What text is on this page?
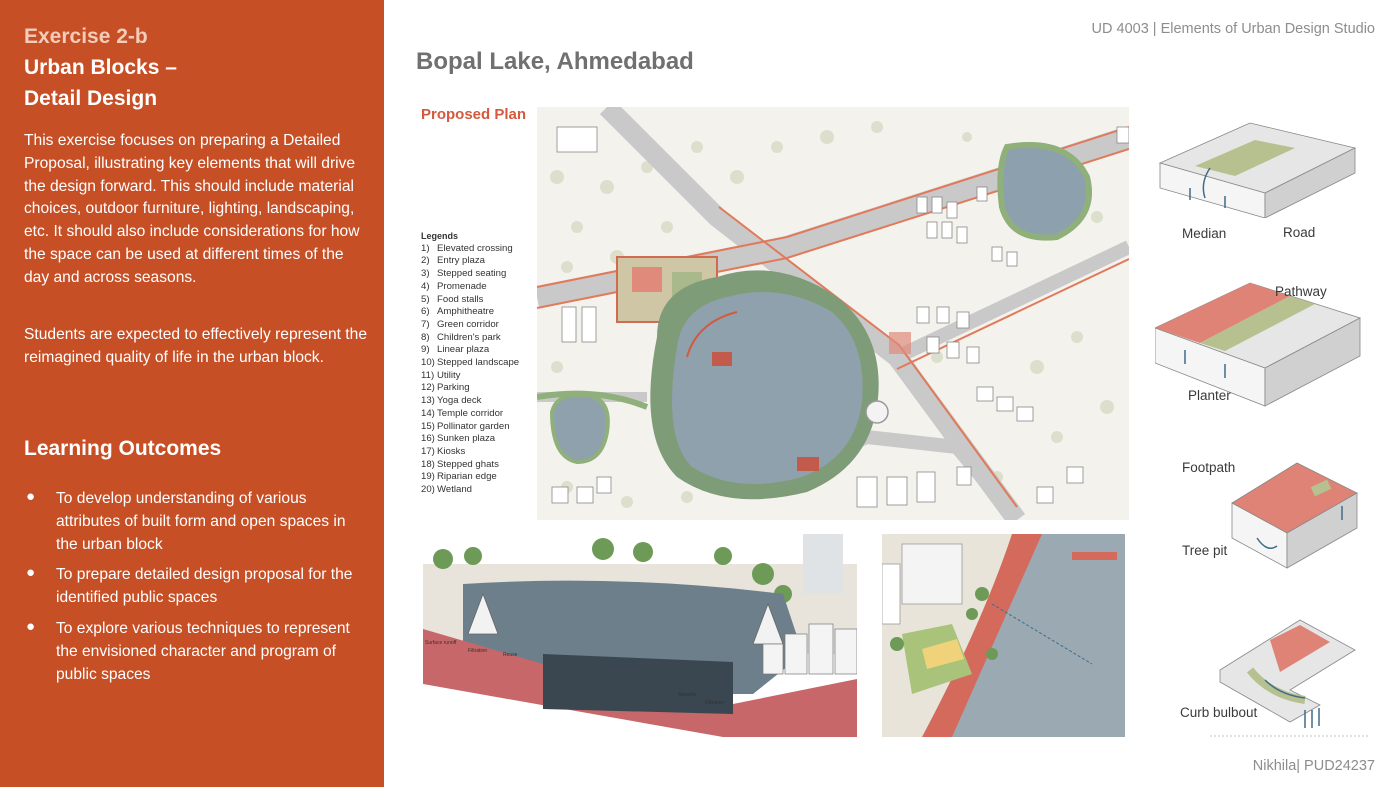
Exercise 2-b
Urban Blocks –
Detail Design

This exercise focuses on preparing a Detailed Proposal, illustrating key elements that will drive the design forward. This should include material choices, outdoor furniture, lighting, landscaping, etc. It should also include considerations for how the space can be used at different times of the day and across seasons.

Students are expected to effectively represent the reimagined quality of life in the urban block.

Learning Outcomes
● To develop understanding of various attributes of built form and open spaces in the urban block
● To prepare detailed design proposal for the identified public spaces
● To explore various techniques to represent the envisioned character and program of public spaces
UD 4003 | Elements of Urban Design Studio
Bopal Lake, Ahmedabad
Proposed Plan
Legends
1) Elevated crossing
2) Entry plaza
3) Stepped seating
4) Promenade
5) Food stalls
6) Amphitheatre
7) Green corridor
8) Children's park
9) Linear plaza
10) Stepped landscape
11) Utility
12) Parking
13) Yoga deck
14) Temple corridor
15) Pollinator garden
16) Sunken plaza
17) Kiosks
18) Stepped ghats
19) Riparian edge
20) Wetland
Surface runoff
Filtration
Reuse
Absorbs
Filtration
Median	Road
Pathway
Planter
Footpath
Tree pit
Curb bulbout
Nikhila| PUD24237
